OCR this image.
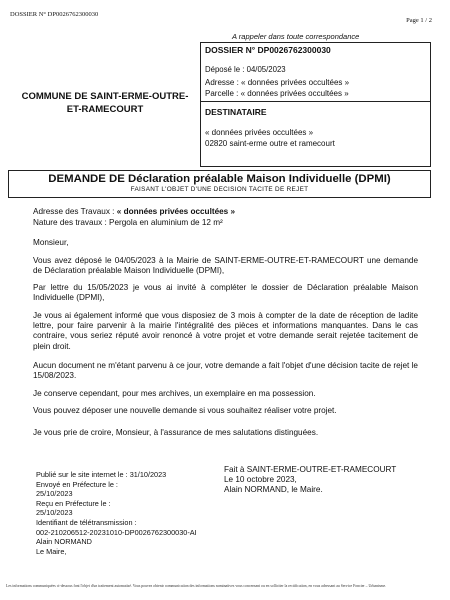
DOSSIER N° DP0026762300030
Page 1 / 2
A rappeler dans toute correspondance
COMMUNE DE SAINT-ERME-OUTRE-ET-RAMECOURT
DOSSIER N° DP0026762300030
Déposé le : 04/05/2023
Adresse : « données privées occultées »
Parcelle : « données privées occultées »
DESTINATAIRE
« données privées occultées »
02820 saint-erme outre et ramecourt
DEMANDE DE Déclaration préalable Maison Individuelle (DPMI)
FAISANT L'OBJET D'UNE DECISION TACITE DE REJET
Adresse des Travaux : « données privées occultées »
Nature des travaux : Pergola en aluminium de 12 m²
Monsieur,
Vous avez déposé le 04/05/2023 à la Mairie de SAINT-ERME-OUTRE-ET-RAMECOURT une demande de Déclaration préalable Maison Individuelle (DPMI),
Par lettre du 15/05/2023 je vous ai invité à compléter le dossier de Déclaration préalable Maison Individuelle (DPMI),
Je vous ai également informé que vous disposiez de 3 mois à compter de la date de réception de ladite lettre, pour faire parvenir à la mairie l'intégralité des pièces et informations manquantes. Dans le cas contraire, vous seriez réputé avoir renoncé à votre projet et votre demande serait rejetée tacitement de plein droit.
Aucun document ne m'étant parvenu à ce jour, votre demande a fait l'objet d'une décision tacite de rejet le 15/08/2023.
Je conserve cependant, pour mes archives, un exemplaire en ma possession.
Vous pouvez déposer une nouvelle demande si vous souhaitez réaliser votre projet.
Je vous prie de croire, Monsieur, à l'assurance de mes salutations distinguées.
Publié sur le site internet le : 31/10/2023
Envoyé en Préfecture le :
25/10/2023
Reçu en Préfecture le :
25/10/2023
Identifiant de télétransmission :
002-210206512-20231010-DP0026762300030-AI
Alain NORMAND
Le Maire,
Fait à SAINT-ERME-OUTRE-ET-RAMECOURT
Le 10 octobre 2023,
Alain NORMAND, le Maire.
Les informations communiquées ci-dessous font l'objet d'un traitement automatisé. Vous pouvez obtenir communication des informations nominatives vous concernant ou en solliciter la rectification, en vous adressant au Service Foncier – Urbanisme.
